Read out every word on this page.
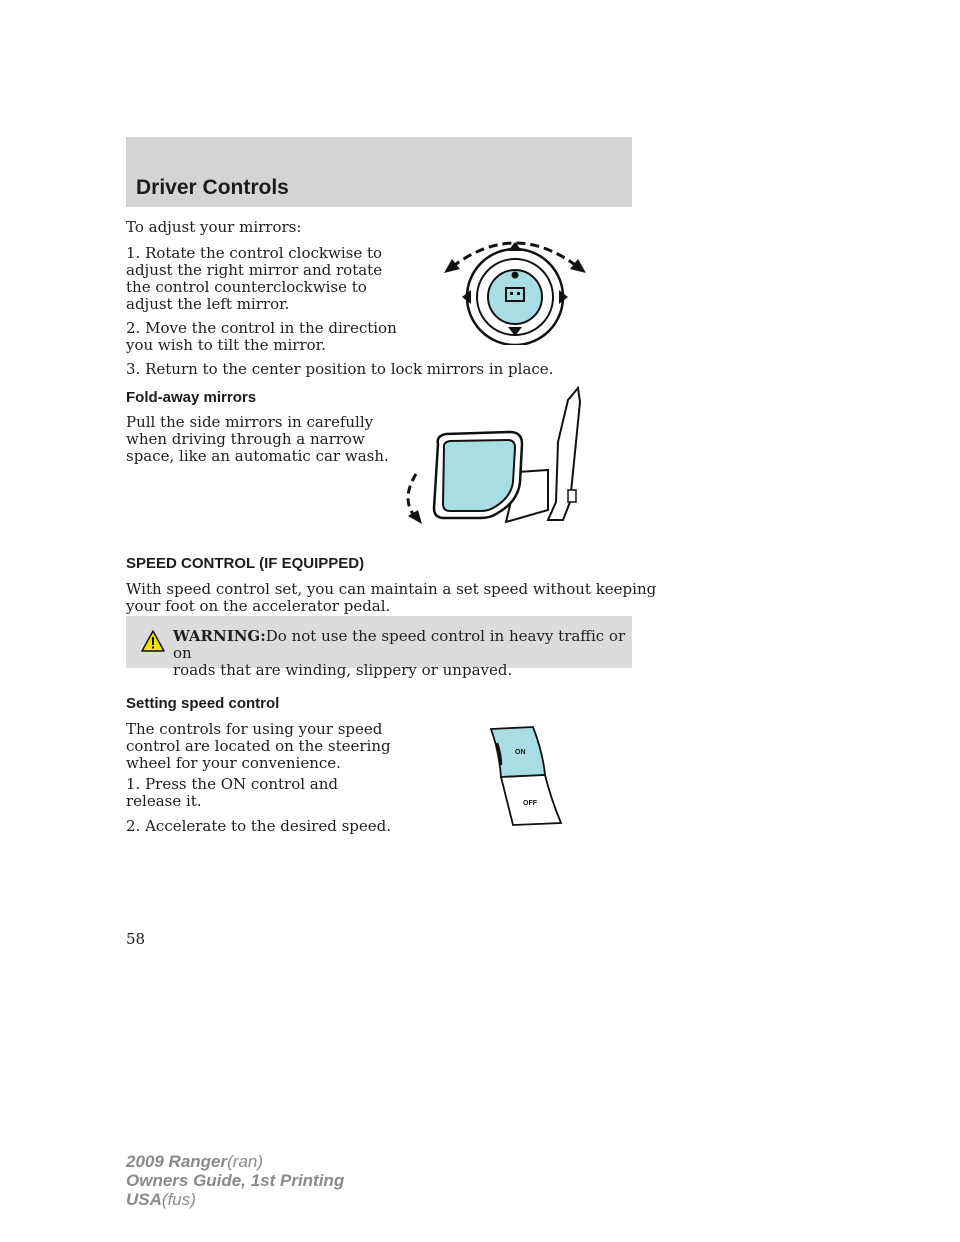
Driver Controls

To adjust your mirrors:

1. Rotate the control clockwise to
adjust the right mirror and rotate
the control counterclockwise to
adjust the left mirror.

2. Move the control in the direction
you wish to tilt the mirror.

3. Return to the center position to lock mirrors in place.

Fold-away mirrors

Pull the side mirrors in carefully
when driving through a narrow
space, like an automatic car wash.

SPEED CONTROL (IF EQUIPPED)

With speed control set, you can maintain a set speed without keeping
your foot on the accelerator pedal.

WARNING:Do not use the speed control in heavy traffic or on
roads that are winding, slippery or unpaved.

Setting speed control

The controls for using your speed
control are located on the steering
wheel for your convenience.

1. Press the ON control and
release it.

2. Accelerate to the desired speed.

ON
OFF

58

2009 Ranger(ran)
Owners Guide, 1st Printing
USA(fus)
